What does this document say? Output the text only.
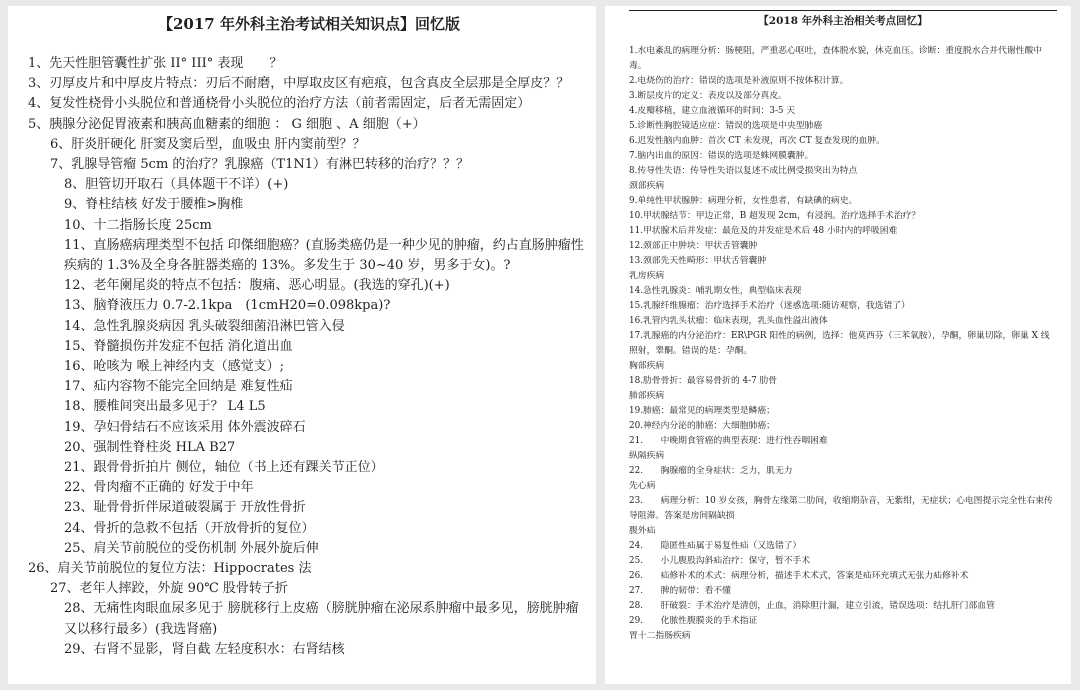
【2017 年外科主治考试相关知识点】回忆版
1、先天性胆管囊性扩张 II° III° 表现　　？
3、刃厚皮片和中厚皮片特点：刃后不耐磨，中厚取皮区有疤痕，包含真皮全层那是全厚皮？？
4、复发性桡骨小头脱位和普通桡骨小头脱位的治疗方法（前者需固定，后者无需固定）
5、胰腺分泌促胃液素和胰高血糖素的细胞 ： G 细胞 、A 细胞（+）
6、肝炎肝硬化 肝窦及窦后型，血吸虫 肝内窦前型？？
7、乳腺导管瘤 5cm 的治疗？乳腺癌（T1N1）有淋巴转移的治疗？？？
8、胆管切开取石（具体题干不详）(+)
9、脊柱结核 好发于腰椎>胸椎
10、十二指肠长度 25cm
11、直肠癌病理类型不包括 印傑细胞癌？(直肠类癌仍是一种少见的肿瘤，约占直肠肿瘤性疾病的 1.3%及全身各脏器类癌的 13%。多发生于 30~40 岁，男多于女)。?
12、老年阑尾炎的特点不包括：腹痛、恶心明显。(我选的穿孔)(+)
13、脑脊液压力 0.7-2.1kpa　(1cmH20=0.098kpa)?
14、急性乳腺炎病因 乳头破裂细菌沿淋巴管入侵
15、脊髓损伤并发症不包括 消化道出血
16、呛咳为 喉上神经内支（感觉支）;
17、疝内容物不能完全回纳是 难复性疝
18、腰椎间突出最多见于？ L4 L5
19、孕妇骨结石不应该采用 体外震波碎石
20、强制性脊柱炎 HLA B27
21、跟骨骨折拍片 侧位，轴位（书上还有踝关节正位）
22、骨肉瘤不正确的 好发于中年
23、耻骨骨折伴尿道破裂属于 开放性骨折
24、骨折的急救不包括（开放骨折的复位）
25、肩关节前脱位的受伤机制 外展外旋后伸
26、肩关节前脱位的复位方法：Hippocrates 法
27、老年人摔跤，外旋 90℃ 股骨转子折
28、无痛性肉眼血尿多见于 膀胱移行上皮癌（膀胱肿瘤在泌尿系肿瘤中最多见，膀胱肿瘤又以移行最多）(我选肾癌)
29、右肾不显影，肾自截 左轻度积水：右肾结核
【2018 年外科主治相关考点回忆】
1.水电紊乱的病理分析：肠梗阻，严重恶心呕吐，查体脱水貌，休克血压。诊断：重度脱水合并代谢性酸中毒。
2.电烧伤的治疗：错误的选项是补液原则不按体积计算。
3.断层皮片的定义：表皮以及部分真皮。
4.皮瓣移植，建立血液循环的时间：3-5 天
5.诊断性胸腔镜适应症：错误的选项是中央型肺癌
6.迟发性脑内血肿：首次 CT 未发现，再次 CT 复查发现的血肿。
7.脑内出血的原因：错误的选项是蛛网膜囊肿。
8.传导性失语：传导性失语以复述不成比例受损突出为特点
颈部疾病
9.单纯性甲状腺肿：病理分析，女性患者，有缺碘的病史。
10.甲状腺结节：甲边正常，B 超发现 2cm，有浸润。治疗选择手术治疗？
11.甲状腺术后并发症：最危及的并发症是术后 48 小时内的呼吸困难
12.颈部正中肿块：甲状舌管囊肿
13.颈部先天性畸形：甲状舌管囊肿
乳房疾病
14.急性乳腺炎：哺乳期女性，典型临床表现
15.乳腺纤维腺瘤：治疗选择手术治疗（迷惑选项:随访观察，我选错了）
16.乳管内乳头状瘤：临床表现，乳头血性溢出液体
17.乳腺癌的内分泌治疗：ER\PGR 阳性的病例，选择：他莫西芬（三苯氧胺），孕酮，卵巢切除，卵巢 X 线照射，睾酮。错误的是：孕酮。
胸部疾病
18.肋骨骨折：最容易骨折的 4-7 肋骨
肺部疾病
19.肺癌：最常见的病理类型是鳞癌；
20.神经内分泌的肺癌：大细胞肺癌；
21.　　中晚期食管癌的典型表现：进行性吞咽困难
纵隔疾病
22.　　胸腺瘤的全身症状：乏力，肌无力
先心病
23.　　病理分析：10 岁女孩，胸骨左缘第二肋间，收缩期杂音，无紫绀，无症状；心电图提示完全性右束传导阻滞。答案是房间隔缺损
腹外疝
24.　　隐匿性疝属于易复性疝（又选错了）
25.　　小儿腹股沟斜疝治疗：保守，暂不手术
26.　　疝修补术的术式：病理分析，描述手术术式，答案是疝环充填式无张力疝修补术
27.　　脾的韧带：看不懂
28.　　肝破裂：手术治疗是清创，止血，消除胆汁漏，建立引流，错误选项：结扎肝门部血管
29.　　化脓性腹膜炎的手术指证
胃十二指肠疾病
